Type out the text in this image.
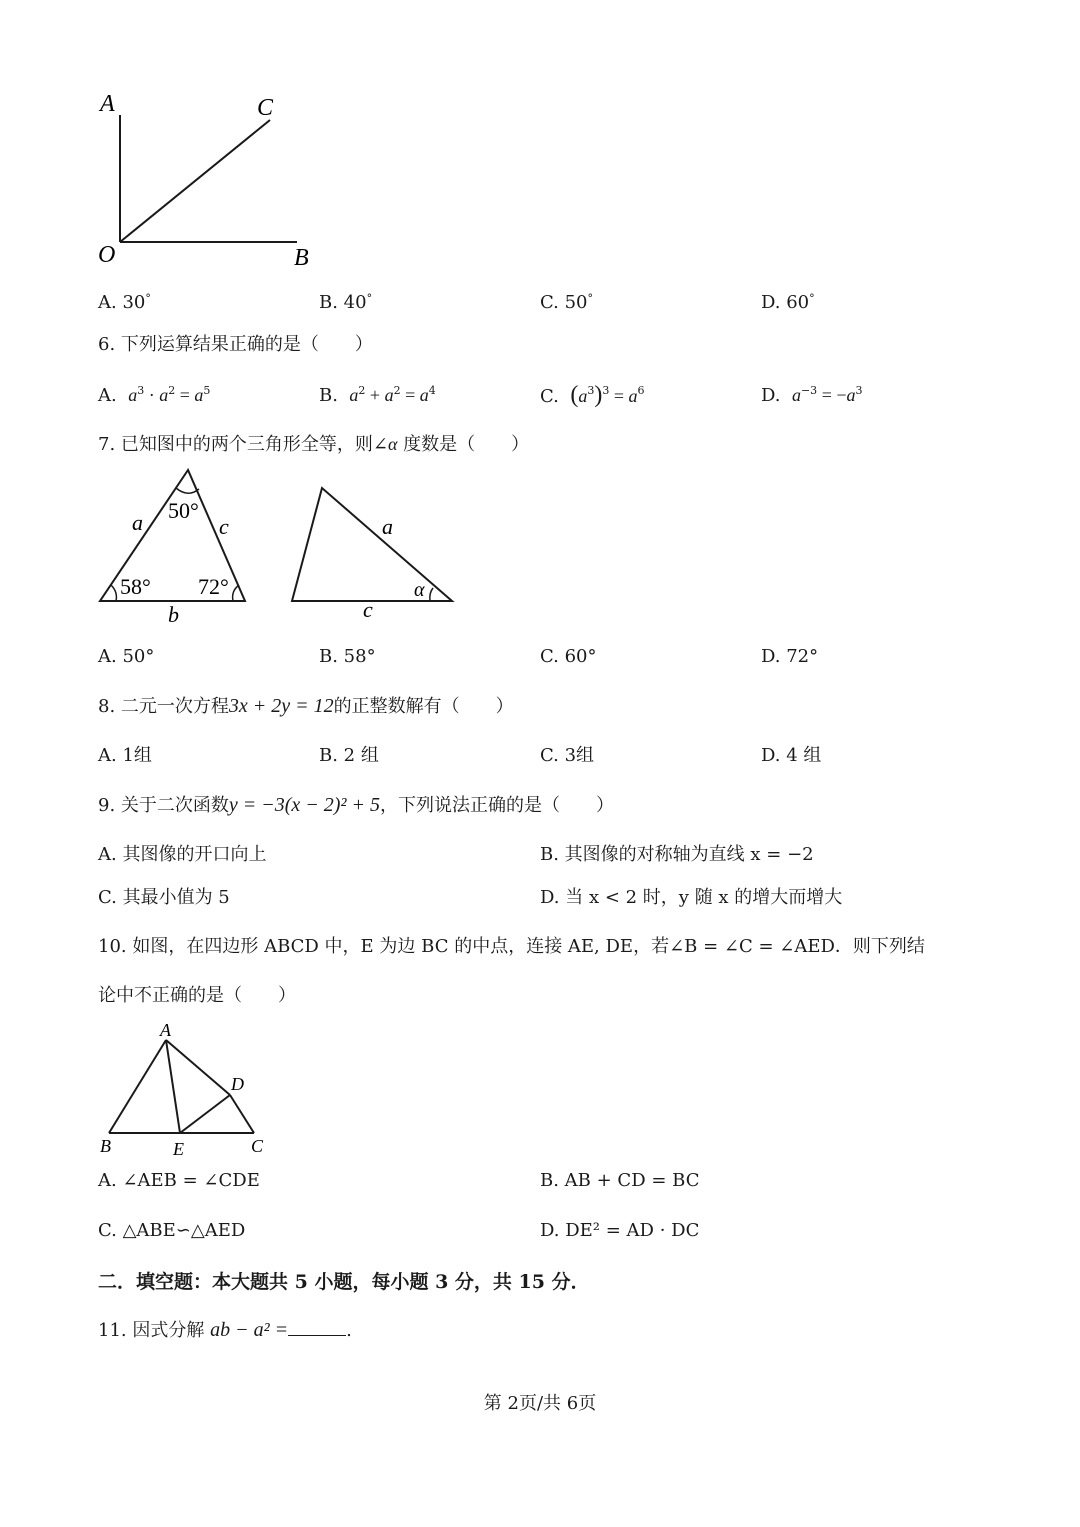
A	C
O	B
A. 30°	B. 40°	C. 50°	D. 60°
6. 下列运算结果正确的是（　　）
A. $a^3 \cdot a^2 = a^5$	B. $a^2 + a^2 = a^4$	C. $(a^3)^3 = a^6$	D. $a^{-3} = -a^3$
7. 已知图中的两个三角形全等，则∠α 度数是（　　）
a	c
b
50°
58° 72°
a
c
α
A. 50°	B. 58°	C. 60°	D. 72°
8. 二元一次方程3x + 2y = 12的正整数解有（　　）
A. 1组	B. 2 组	C. 3组	D. 4 组
9. 关于二次函数y = −3(x − 2)² + 5，下列说法正确的是（　　）
A. 其图像的开口向上	B. 其图像的对称轴为直线 x = −2
C. 其最小值为 5	D. 当 x < 2 时，y 随 x 的增大而增大
10. 如图，在四边形 ABCD 中，E 为边 BC 的中点，连接 AE, DE，若∠B = ∠C = ∠AED．则下列结
论中不正确的是（　　）
A
D
B	E	C
A. ∠AEB = ∠CDE	B. AB + CD = BC
C. △ABE∽△AED	D. DE² = AD · DC
二．填空题：本大题共 5 小题，每小题 3 分，共 15 分．
11. 因式分解 ab − a² =	.
第 2页/共 6页
